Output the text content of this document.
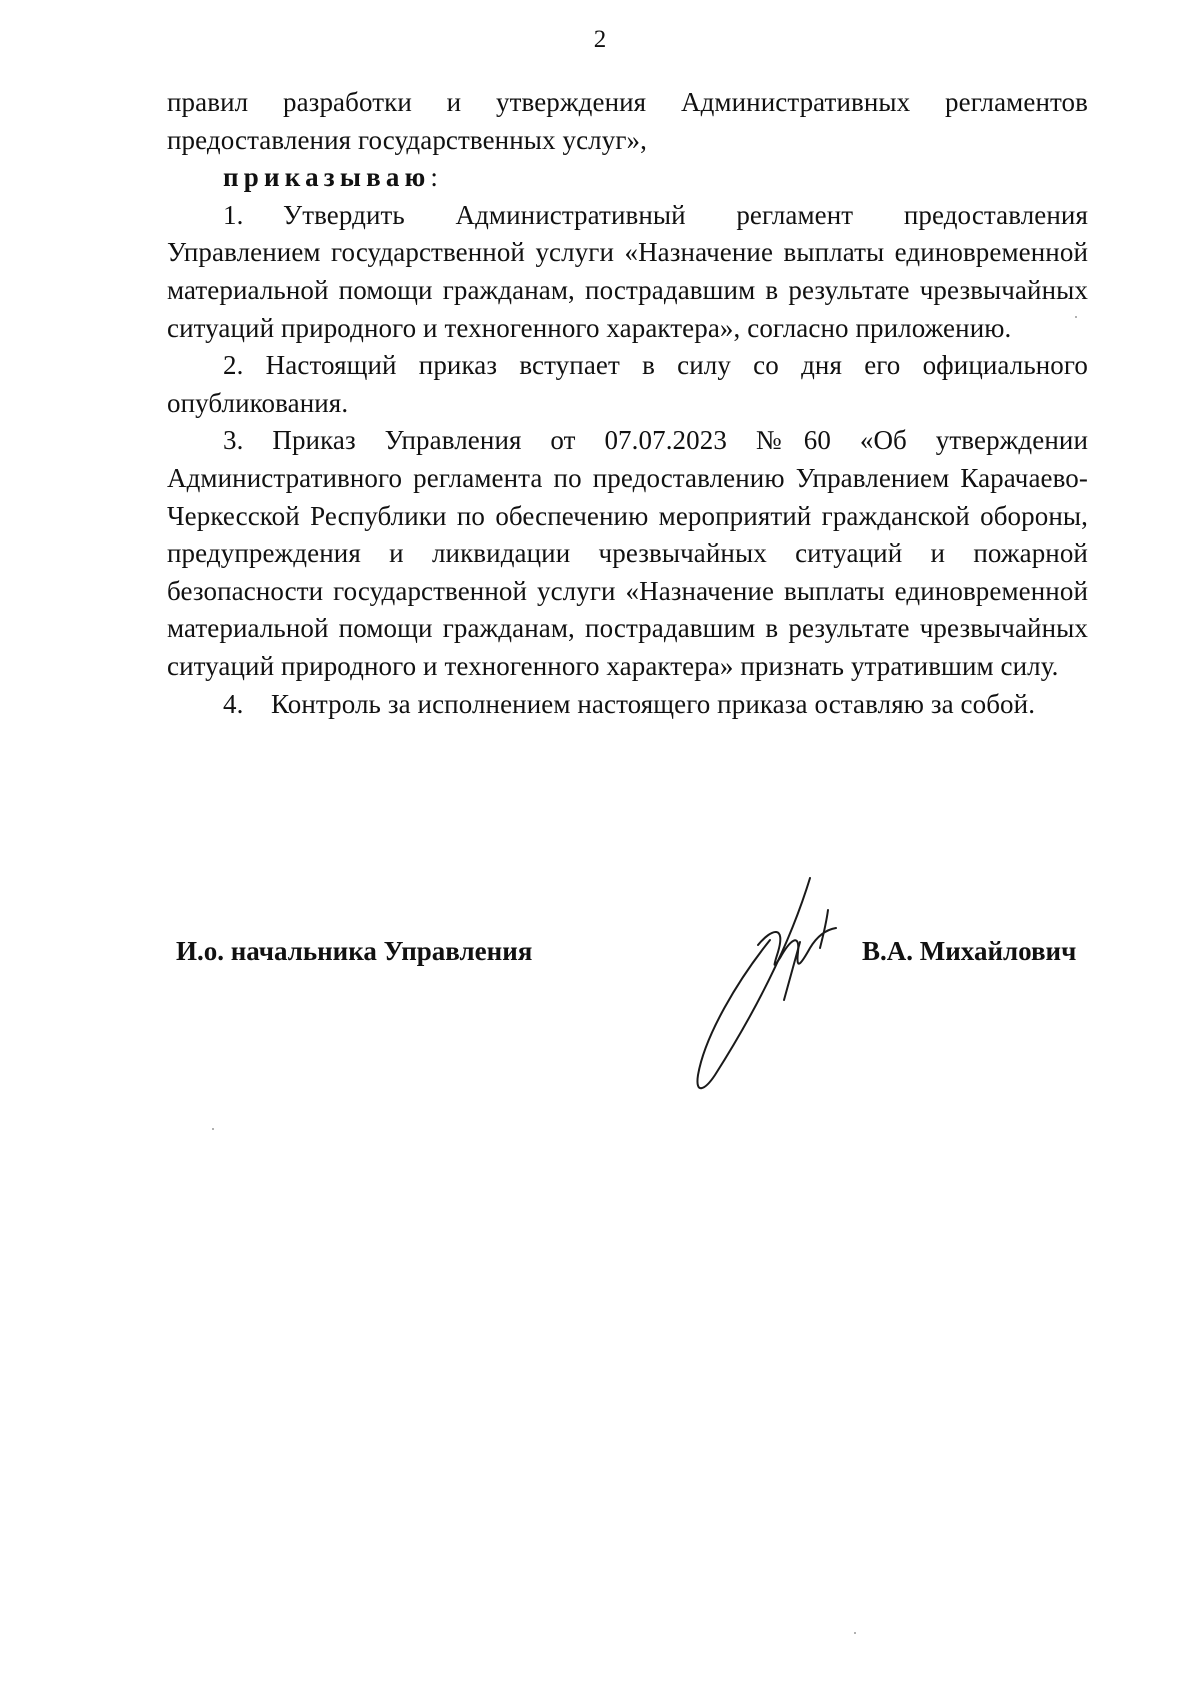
2

правил разработки и утверждения Административных регламентов предоставления государственных услуг»,

приказываю:

1. Утвердить Административный регламент предоставления Управлением государственной услуги «Назначение выплаты единовременной материальной помощи гражданам, пострадавшим в результате чрезвычайных ситуаций природного и техногенного характера», согласно приложению.

2. Настоящий приказ вступает в силу со дня его официального опубликования.

3. Приказ Управления от 07.07.2023 №60 «Об утверждении Административного регламента по предоставлению Управлением Карачаево-Черкесской Республики по обеспечению мероприятий гражданской обороны, предупреждения и ликвидации чрезвычайных ситуаций и пожарной безопасности государственной услуги «Назначение выплаты единовременной материальной помощи гражданам, пострадавшим в результате чрезвычайных ситуаций природного и техногенного характера» признать утратившим силу.

4. Контроль за исполнением настоящего приказа оставляю за собой.

И.о. начальника Управления	В.А. Михайлович
